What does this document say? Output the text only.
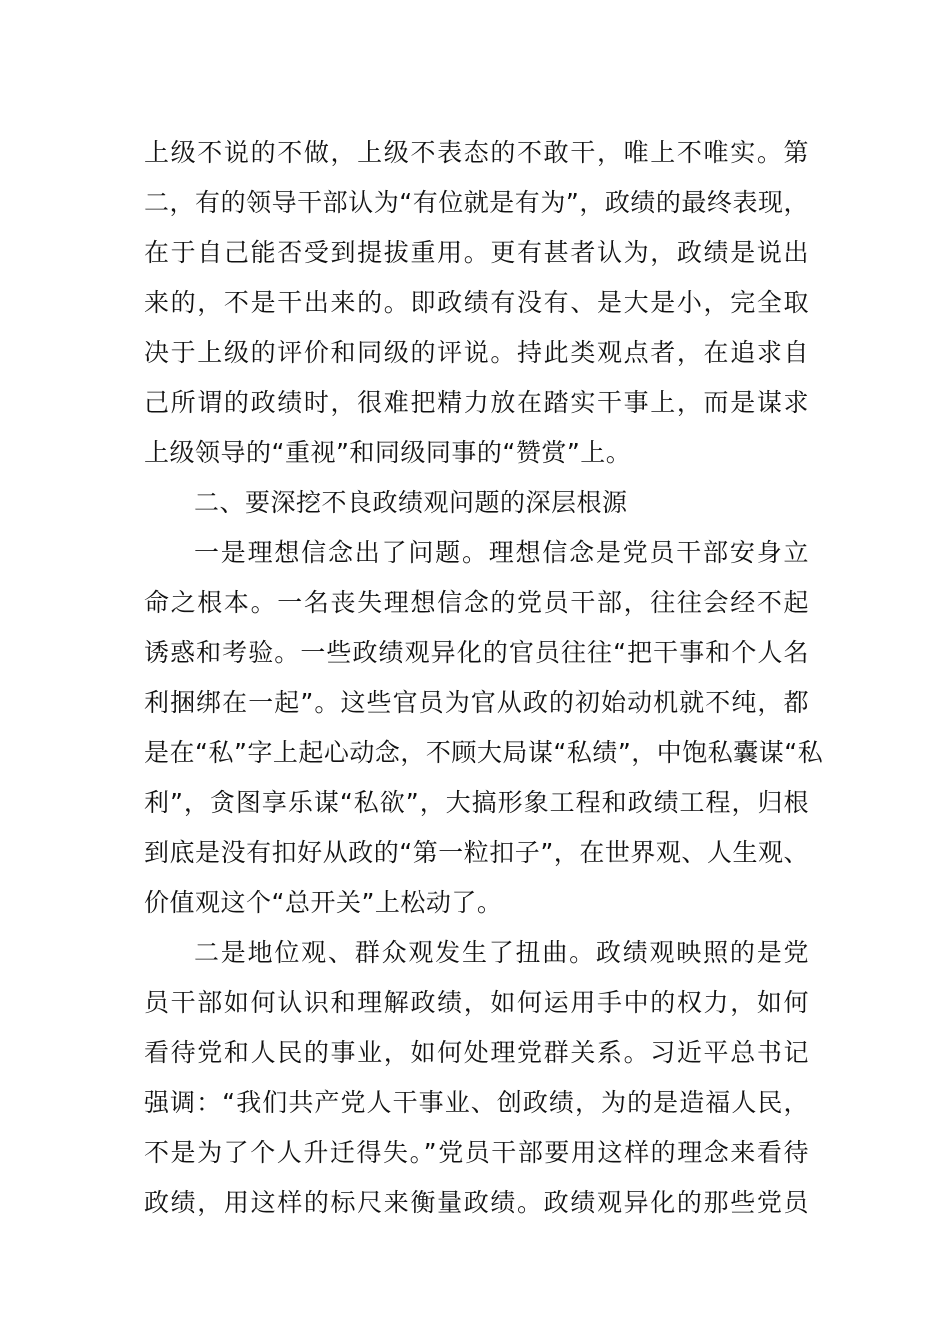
上级不说的不做，上级不表态的不敢干，唯上不唯实。第
二，有的领导干部认为“有位就是有为”，政绩的最终表现，
在于自己能否受到提拔重用。更有甚者认为，政绩是说出
来的，不是干出来的。即政绩有没有、是大是小，完全取
决于上级的评价和同级的评说。持此类观点者，在追求自
己所谓的政绩时，很难把精力放在踏实干事上，而是谋求
上级领导的“重视”和同级同事的“赞赏”上。
二、要深挖不良政绩观问题的深层根源
一是理想信念出了问题。理想信念是党员干部安身立
命之根本。一名丧失理想信念的党员干部，往往会经不起
诱惑和考验。一些政绩观异化的官员往往“把干事和个人名
利捆绑在一起”。这些官员为官从政的初始动机就不纯，都
是在“私”字上起心动念，不顾大局谋“私绩”，中饱私囊谋“私
利”，贪图享乐谋“私欲”，大搞形象工程和政绩工程，归根
到底是没有扣好从政的“第一粒扣子”，在世界观、人生观、
价值观这个“总开关”上松动了。
二是地位观、群众观发生了扭曲。政绩观映照的是党
员干部如何认识和理解政绩，如何运用手中的权力，如何
看待党和人民的事业，如何处理党群关系。习近平总书记
强调：“我们共产党人干事业、创政绩，为的是造福人民，
不是为了个人升迁得失。”党员干部要用这样的理念来看待
政绩，用这样的标尺来衡量政绩。政绩观异化的那些党员
